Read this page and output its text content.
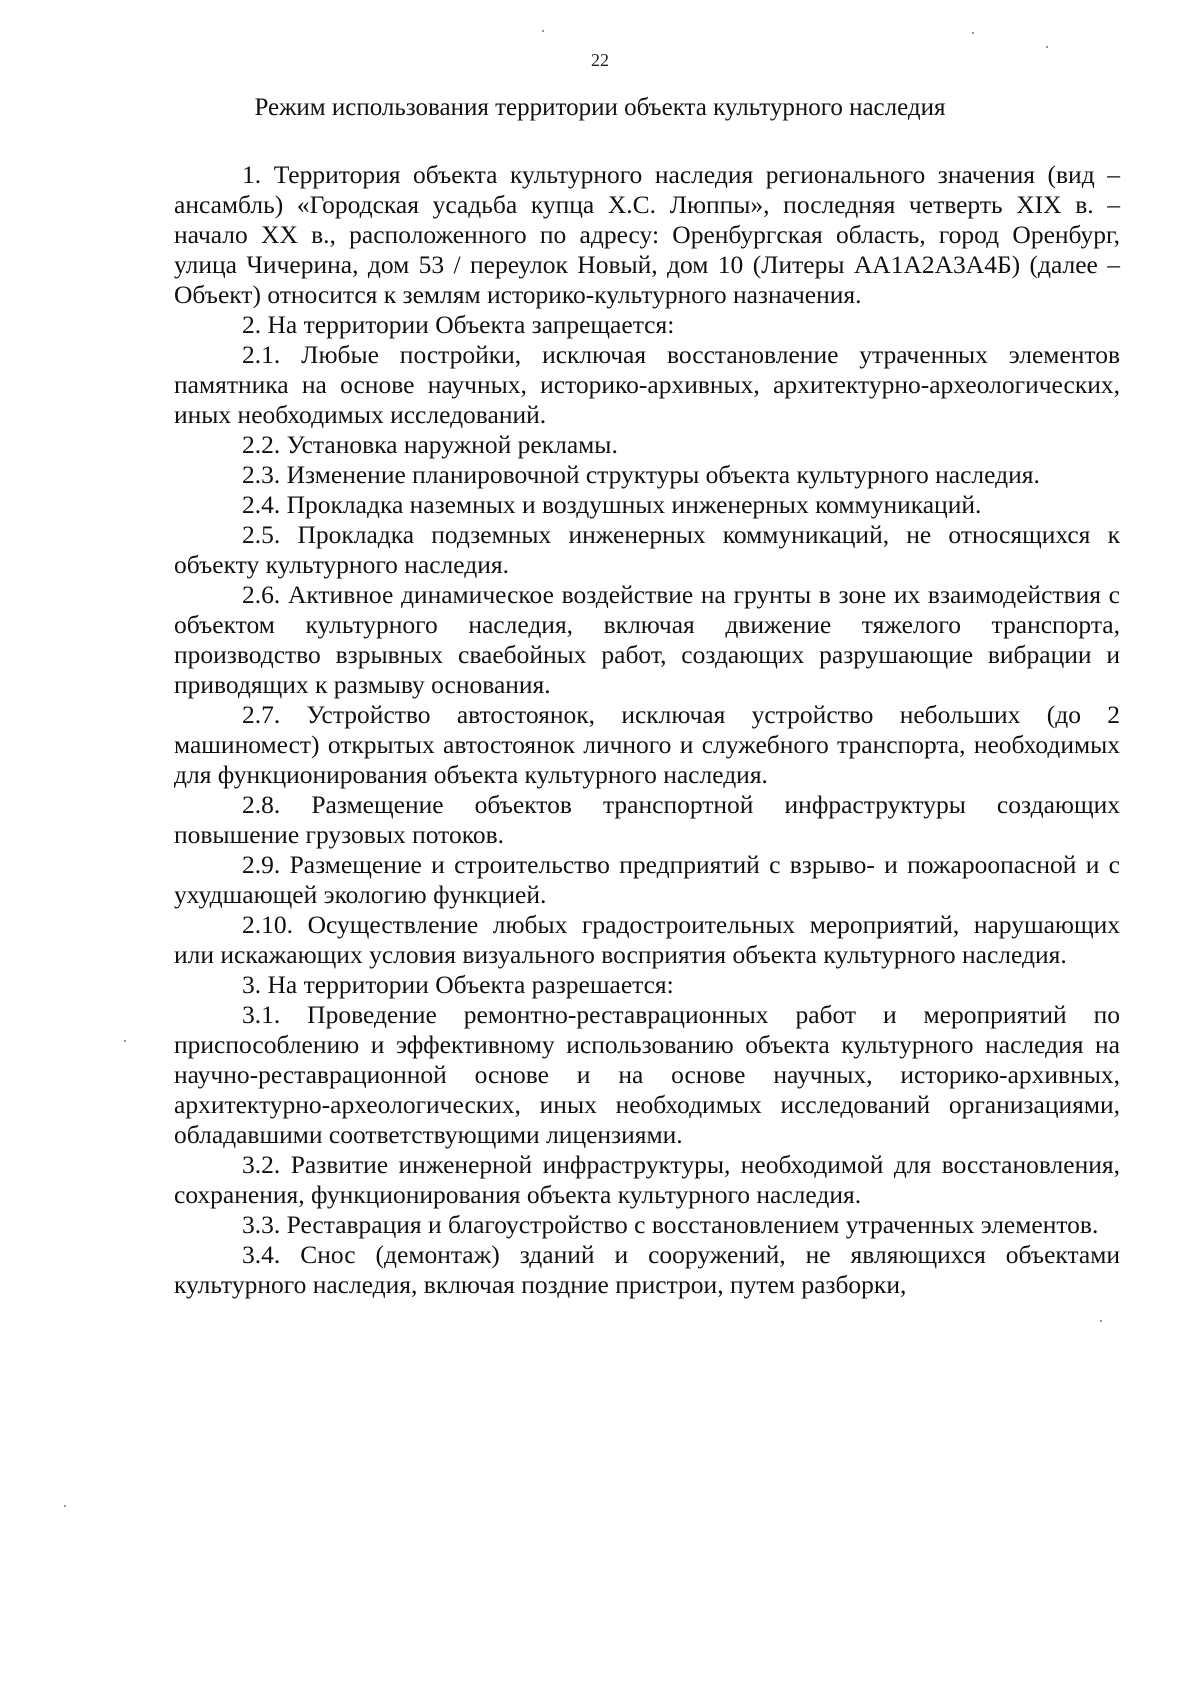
22
Режим использования территории объекта культурного наследия

1. Территория объекта культурного наследия регионального значения (вид – ансамбль) «Городская усадьба купца Х.С. Люппы», последняя четверть XIX в. – начало XX в., расположенного по адресу: Оренбургская область, город Оренбург, улица Чичерина, дом 53 / переулок Новый, дом 10 (Литеры АА1А2А3А4Б) (далее – Объект) относится к землям историко-культурного назначения.

2. На территории Объекта запрещается:

2.1. Любые постройки, исключая восстановление утраченных элементов памятника на основе научных, историко-архивных, архитектурно-археологических, иных необходимых исследований.

2.2. Установка наружной рекламы.

2.3. Изменение планировочной структуры объекта культурного наследия.

2.4. Прокладка наземных и воздушных инженерных коммуникаций.

2.5. Прокладка подземных инженерных коммуникаций, не относящихся к объекту культурного наследия.

2.6. Активное динамическое воздействие на грунты в зоне их взаимодействия с объектом культурного наследия, включая движение тяжелого транспорта, производство взрывных сваебойных работ, создающих разрушающие вибрации и приводящих к размыву основания.

2.7. Устройство автостоянок, исключая устройство небольших (до 2 машиномест) открытых автостоянок личного и служебного транспорта, необходимых для функционирования объекта культурного наследия.

2.8. Размещение объектов транспортной инфраструктуры создающих повышение грузовых потоков.

2.9. Размещение и строительство предприятий с взрыво- и пожароопасной и с ухудшающей экологию функцией.

2.10. Осуществление любых градостроительных мероприятий, нарушающих или искажающих условия визуального восприятия объекта культурного наследия.

3. На территории Объекта разрешается:

3.1. Проведение ремонтно-реставрационных работ и мероприятий по приспособлению и эффективному использованию объекта культурного наследия на научно-реставрационной основе и на основе научных, историко-архивных, архитектурно-археологических, иных необходимых исследований организациями, обладавшими соответствующими лицензиями.

3.2. Развитие инженерной инфраструктуры, необходимой для восстановления, сохранения, функционирования объекта культурного наследия.

3.3. Реставрация и благоустройство с восстановлением утраченных элементов.

3.4. Снос (демонтаж) зданий и сооружений, не являющихся объектами культурного наследия, включая поздние пристрои, путем разборки,
